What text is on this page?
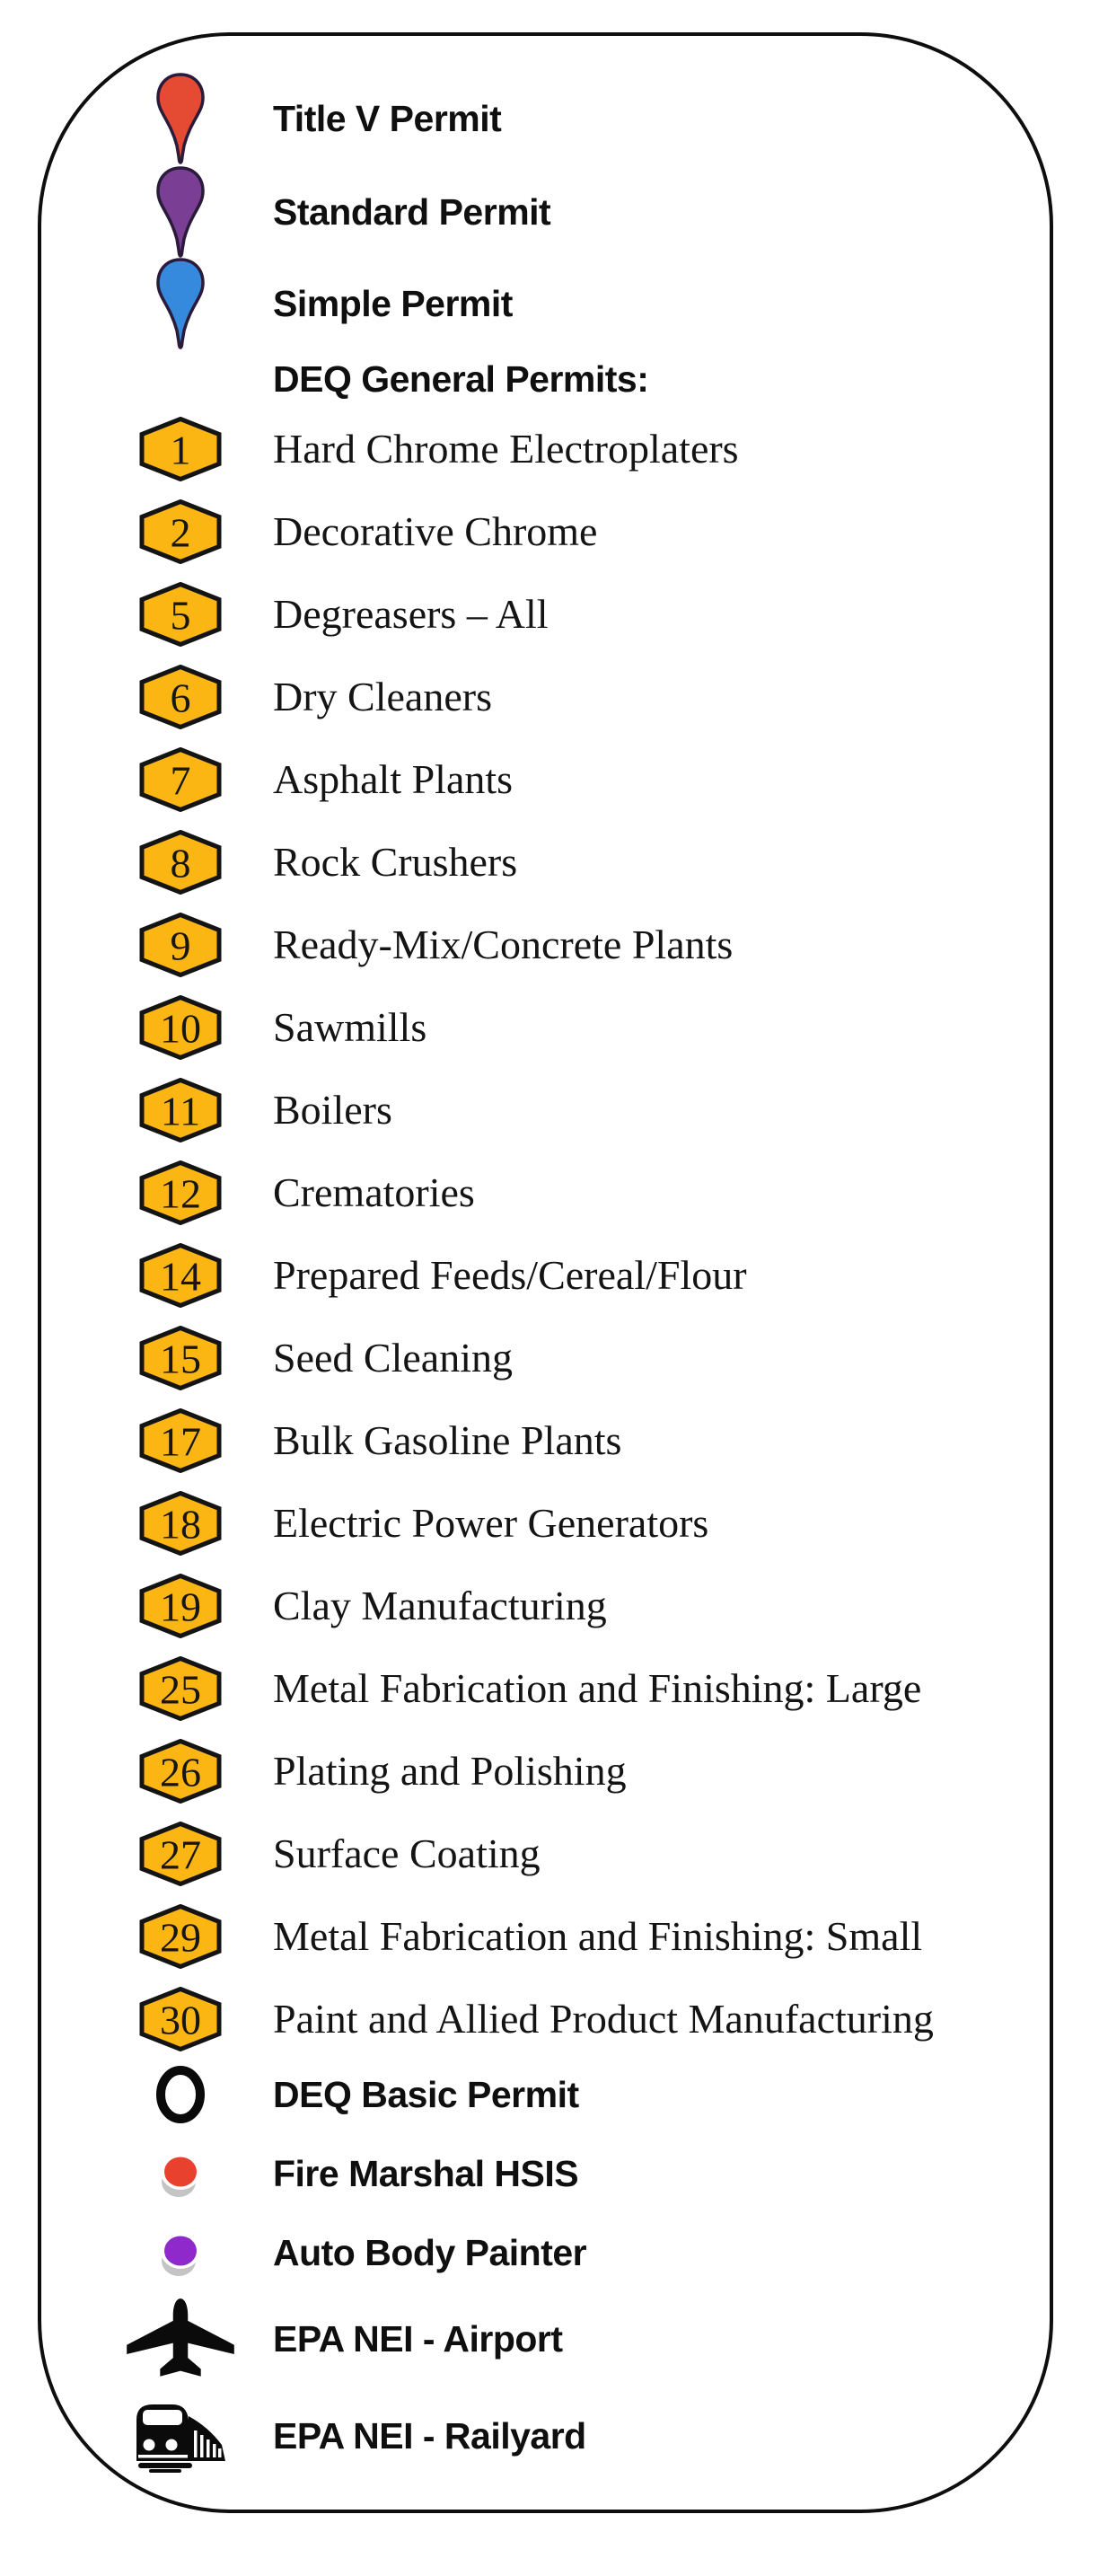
Title V Permit
Standard Permit
Simple Permit
DEQ General Permits:
1 Hard Chrome Electroplaters
2 Decorative Chrome
5 Degreasers – All
6 Dry Cleaners
7 Asphalt Plants
8 Rock Crushers
9 Ready-Mix/Concrete Plants
10 Sawmills
11 Boilers
12 Crematories
14 Prepared Feeds/Cereal/Flour
15 Seed Cleaning
17 Bulk Gasoline Plants
18 Electric Power Generators
19 Clay Manufacturing
25 Metal Fabrication and Finishing: Large
26 Plating and Polishing
27 Surface Coating
29 Metal Fabrication and Finishing: Small
30 Paint and Allied Product Manufacturing
DEQ Basic Permit
Fire Marshal HSIS
Auto Body Painter
EPA NEI - Airport
EPA NEI - Railyard
